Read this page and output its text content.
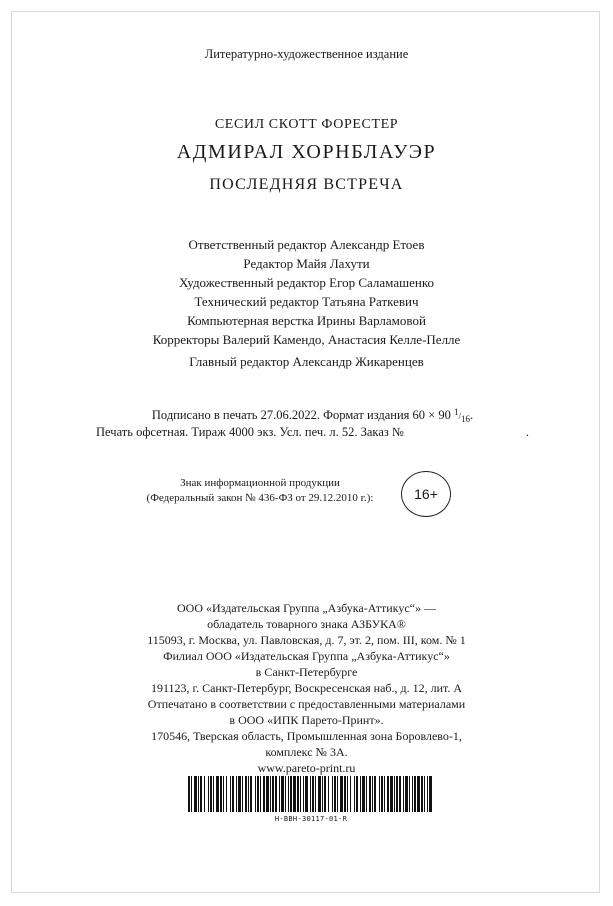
Литературно-художественное издание
СЕСИЛ СКОТТ ФОРЕСТЕР
АДМИРАЛ ХОРНБЛАУЭР
ПОСЛЕДНЯЯ ВСТРЕЧА
Ответственный редактор Александр Етоев
Редактор Майя Лахути
Художественный редактор Егор Саламашенко
Технический редактор Татьяна Раткевич
Компьютерная верстка Ирины Варламовой
Корректоры Валерий Камендо, Анастасия Келле-Пелле
Главный редактор Александр Жикаренцев
Подписано в печать 27.06.2022. Формат издания 60 × 90 1/16.
Печать офсетная. Тираж 4000 экз. Усл. печ. л. 52. Заказ №	.
Знак информационной продукции
(Федеральный закон № 436-ФЗ от 29.12.2010 г.):	16+
ООО «Издательская Группа „Азбука-Аттикус“» —
обладатель товарного знака АЗБУКА®
115093, г. Москва, ул. Павловская, д. 7, эт. 2, пом. III, ком. № 1
Филиал ООО «Издательская Группа „Азбука-Аттикус“»
в Санкт-Петербурге
191123, г. Санкт-Петербург, Воскресенская наб., д. 12, лит. А
Отпечатано в соответствии с предоставленными материалами
в ООО «ИПК Парето-Принт».
170546, Тверская область, Промышленная зона Боровлево-1,
комплекс № 3А.
www.pareto-print.ru
H-BBH-30117-01-R
